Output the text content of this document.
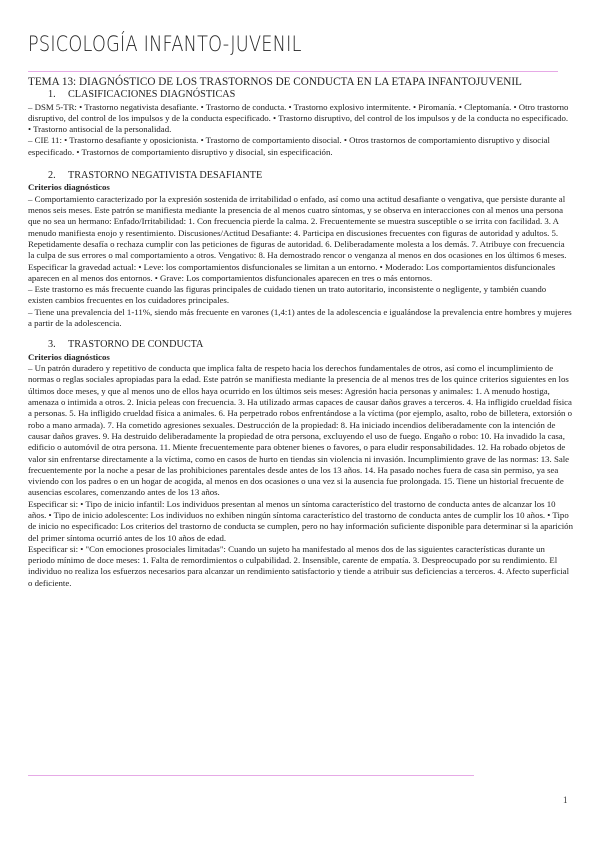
PSICOLOGÍA INFANTO-JUVENIL

TEMA 13: DIAGNÓSTICO DE LOS TRASTORNOS DE CONDUCTA EN LA ETAPA INFANTOJUVENIL

1. CLASIFICACIONES DIAGNÓSTICAS

– DSM 5-TR: • Trastorno negativista desafiante. • Trastorno de conducta. • Trastorno explosivo intermitente. • Piromanía. • Cleptomanía. • Otro trastorno disruptivo, del control de los impulsos y de la conducta especificado. • Trastorno disruptivo, del control de los impulsos y de la conducta no especificado. • Trastorno antisocial de la personalidad.

– CIE 11: • Trastorno desafiante y oposicionista. • Trastorno de comportamiento disocial. • Otros trastornos de comportamiento disruptivo y disocial especificado. • Trastornos de comportamiento disruptivo y disocial, sin especificación.

2. TRASTORNO NEGATIVISTA DESAFIANTE

Criterios diagnósticos

– Comportamiento caracterizado por la expresión sostenida de irritabilidad o enfado, así como una actitud desafiante o vengativa, que persiste durante al menos seis meses. Este patrón se manifiesta mediante la presencia de al menos cuatro síntomas, y se observa en interacciones con al menos una persona que no sea un hermano: Enfado/Irritabilidad: 1. Con frecuencia pierde la calma. 2. Frecuentemente se muestra susceptible o se irrita con facilidad. 3. A menudo manifiesta enojo y resentimiento. Discusiones/Actitud Desafiante: 4. Participa en discusiones frecuentes con figuras de autoridad y adultos. 5. Repetidamente desafía o rechaza cumplir con las peticiones de figuras de autoridad. 6. Deliberadamente molesta a los demás. 7. Atribuye con frecuencia la culpa de sus errores o mal comportamiento a otros. Vengativo: 8. Ha demostrado rencor o venganza al menos en dos ocasiones en los últimos 6 meses.

Especificar la gravedad actual: • Leve: los comportamientos disfuncionales se limitan a un entorno. • Moderado: Los comportamientos disfuncionales aparecen en al menos dos entornos. • Grave: Los comportamientos disfuncionales aparecen en tres o más entornos.

– Este trastorno es más frecuente cuando las figuras principales de cuidado tienen un trato autoritario, inconsistente o negligente, y también cuando existen cambios frecuentes en los cuidadores principales.

– Tiene una prevalencia del 1-11%, siendo más frecuente en varones (1,4:1) antes de la adolescencia e igualándose la prevalencia entre hombres y mujeres a partir de la adolescencia.

3. TRASTORNO DE CONDUCTA

Criterios diagnósticos

– Un patrón duradero y repetitivo de conducta que implica falta de respeto hacia los derechos fundamentales de otros, así como el incumplimiento de normas o reglas sociales apropiadas para la edad. Este patrón se manifiesta mediante la presencia de al menos tres de los quince criterios siguientes en los últimos doce meses, y que al menos uno de ellos haya ocurrido en los últimos seis meses: Agresión hacia personas y animales: 1. A menudo hostiga, amenaza o intimida a otros. 2. Inicia peleas con frecuencia. 3. Ha utilizado armas capaces de causar daños graves a terceros. 4. Ha infligido crueldad física a personas. 5. Ha infligido crueldad física a animales. 6. Ha perpetrado robos enfrentándose a la víctima (por ejemplo, asalto, robo de billetera, extorsión o robo a mano armada). 7. Ha cometido agresiones sexuales. Destrucción de la propiedad: 8. Ha iniciado incendios deliberadamente con la intención de causar daños graves. 9. Ha destruido deliberadamente la propiedad de otra persona, excluyendo el uso de fuego. Engaño o robo: 10. Ha invadido la casa, edificio o automóvil de otra persona. 11. Miente frecuentemente para obtener bienes o favores, o para eludir responsabilidades. 12. Ha robado objetos de valor sin enfrentarse directamente a la víctima, como en casos de hurto en tiendas sin violencia ni invasión. Incumplimiento grave de las normas: 13. Sale frecuentemente por la noche a pesar de las prohibiciones parentales desde antes de los 13 años. 14. Ha pasado noches fuera de casa sin permiso, ya sea viviendo con los padres o en un hogar de acogida, al menos en dos ocasiones o una vez si la ausencia fue prolongada. 15. Tiene un historial frecuente de ausencias escolares, comenzando antes de los 13 años.

Especificar si: • Tipo de inicio infantil: Los individuos presentan al menos un síntoma característico del trastorno de conducta antes de alcanzar los 10 años. • Tipo de inicio adolescente: Los individuos no exhiben ningún síntoma característico del trastorno de conducta antes de cumplir los 10 años. • Tipo de inicio no especificado: Los criterios del trastorno de conducta se cumplen, pero no hay información suficiente disponible para determinar si la aparición del primer síntoma ocurrió antes de los 10 años de edad.

Especificar si: • "Con emociones prosociales limitadas": Cuando un sujeto ha manifestado al menos dos de las siguientes características durante un periodo mínimo de doce meses: 1. Falta de remordimientos o culpabilidad. 2. Insensible, carente de empatía. 3. Despreocupado por su rendimiento. El individuo no realiza los esfuerzos necesarios para alcanzar un rendimiento satisfactorio y tiende a atribuir sus deficiencias a terceros. 4. Afecto superficial o deficiente.

1
